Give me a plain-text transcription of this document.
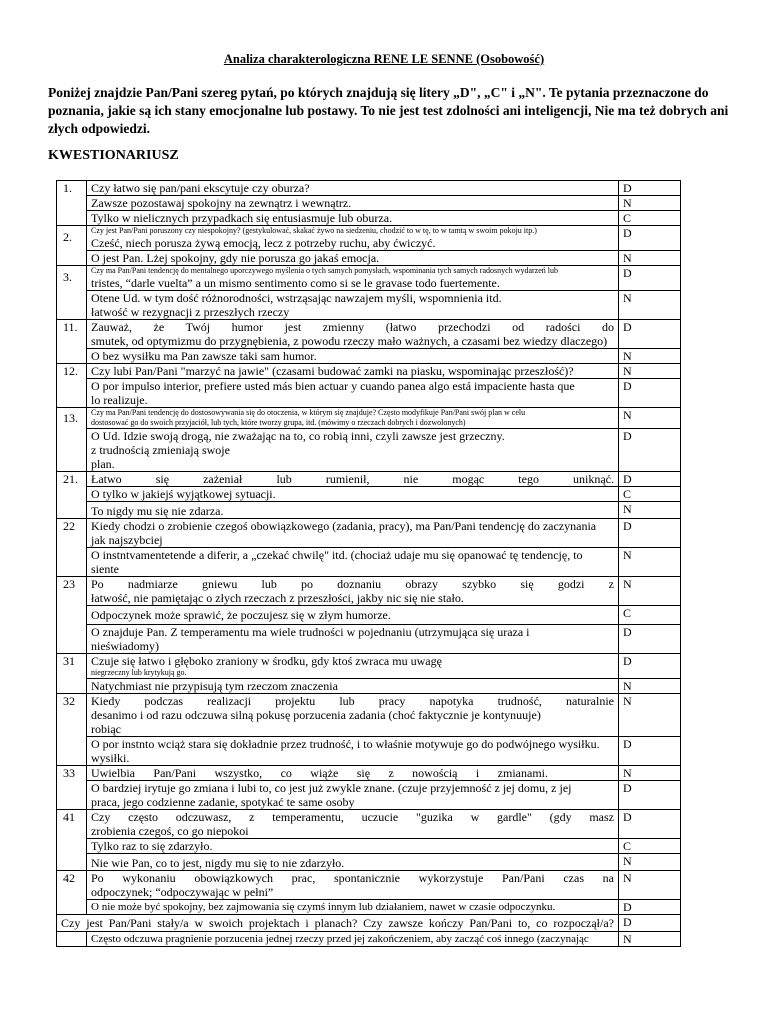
Analiza charakterologiczna RENE LE SENNE (Osobowość)
Poniżej znajdzie Pan/Pani szereg pytań, po których znajdują się litery „D", „C" i „N". Te pytania przeznaczone do poznania, jakie są ich stany emocjonalne lub postawy. To nie jest test zdolności ani inteligencji, Nie ma też dobrych ani złych odpowiedzi.
KWESTIONARIUSZ
1.	Czy łatwo się pan/pani ekscytuje czy oburza?	D
	Zawsze pozostawaj spokojny na zewnątrz i wewnątrz.	N
	Tylko w nielicznych przypadkach się entusiasmuje lub oburza.	C
2.	Czy jest Pan/Pani poruszony czy niespokojny? (gestykulować, skakać żywo na siedzeniu, chodzić to w tę, to w tamtą w swoim pokoju itp.)
Cześć, niech porusza żywą emocją, lecz z potrzeby ruchu, aby ćwiczyć.	D
	O jest Pan. Lżej spokojny, gdy nie porusza go jakaś emocja.	N
3.	Czy ma Pan/Pani tendencję do mentalnego uporczywego myślenia o tych samych pomysłach, wspominania tych samych radosnych wydarzeń lub
tristes, “darle vuelta” a un mismo sentimento como si se le gravase todo fuertemente.	D

	Otene Ud. w tym dość różnorodności, wstrząsając nawzajem myśli, wspomnienia itd.
łatwość w rezygnacji z przeszłych rzeczy	N
11.	Zauważ, że Twój humor jest zmienny (łatwo przechodzi od radości do
smutek, od optymizmu do przygnębienia, z powodu rzeczy mało ważnych, a czasami bez wiedzy dlaczego)	D
	O bez wysiłku ma Pan zawsze taki sam humor.	N
12.	Czy lubi Pan/Pani "marzyć na jawie" (czasami budować zamki na piasku, wspominając przeszłość)?	N

	O por impulso interior, prefiere usted más bien actuar y cuando panea algo está impaciente hasta que
lo realizuje.	D
13.	Czy ma Pan/Pani tendencję do dostosowywania się do otoczenia, w którym się znajduje? Często modyfikuje Pan/Pani swój plan w celu
dostosować go do swoich przyjaciół, lub tych, które tworzy grupa, itd. (mówimy o rzeczach dobrych i dozwolonych)	N

	O Ud. Idzie swoją drogą, nie zważając na to, co robią inni, czyli zawsze jest grzeczny.
z trudnością zmieniają swoje
plan.	D
21.	Łatwo się zażeniał lub rumienił, nie mogąc tego uniknąć.	D
	O tylko w jakiejś wyjątkowej sytuacji.	C
	To nigdy mu się nie zdarza.	N
22	Kiedy chodzi o zrobienie czegoś obowiązkowego (zadania, pracy), ma Pan/Pani tendencję do zaczynania
jak najszybciej	D

	O instntvamentetende a diferir, a „czekać chwilę" itd. (chociaż udaje mu się opanować tę tendencję, to
siente	N
23	Po nadmiarze gniewu lub po doznaniu obrazy szybko się godzi z
łatwość, nie pamiętając o złych rzeczach z przeszłości, jakby nic się nie stało.	N
	Odpoczynek może sprawić, że poczujesz się w złym humorze.	C

	O znajduje Pan. Z temperamentu ma wiele trudności w pojednaniu (utrzymująca się uraza i
nieświadomy)	D
31	Czuje się łatwo i głęboko zraniony w środku, gdy ktoś zwraca mu uwagę
niegrzeczny lub krytykują go.	D
	Natychmiast nie przypisują tym rzeczom znaczenia	N
32	Kiedy podczas realizacji projektu lub pracy napotyka trudność, naturalnie
desanimo i od razu odczuwa silną pokusę porzucenia zadania (choć faktycznie je kontynuuje)
robiąc	N

	O por instnto wciąż stara się dokładnie przez trudność, i to właśnie motywuje go do podwójnego wysiłku.
wysiłki.	D
33	Uwielbia Pan/Pani wszystko, co wiąże się z nowością i zmianami.	N

	O bardziej irytuje go zmiana i lubi to, co jest już zwykle znane. (czuje przyjemność z jej domu, z jej
praca, jego codzienne zadanie, spotykać te same osoby	D
41	Czy często odczuwasz, z temperamentu, uczucie "guzika w gardle" (gdy masz
zrobienia czegoś, co go niepokoi	D
	Tylko raz to się zdarzyło.	C
	Nie wie Pan, co to jest, nigdy mu się to nie zdarzyło.	N
42	Po wykonaniu obowiązkowych prac, spontanicznie wykorzystuje Pan/Pani czas na
odpoczynek; “odpoczywając w pełni”	N
	O nie może być spokojny, bez zajmowania się czymś innym lub działaniem, nawet w czasie odpoczynku.	D

Czy jest Pan/Pani stały/a w swoich projektach i planach? Czy zawsze kończy Pan/Pani to, co rozpoczął/a?		D
	Często odczuwa pragnienie porzucenia jednej rzeczy przed jej zakończeniem, aby zacząć coś innego (zaczynając	N
